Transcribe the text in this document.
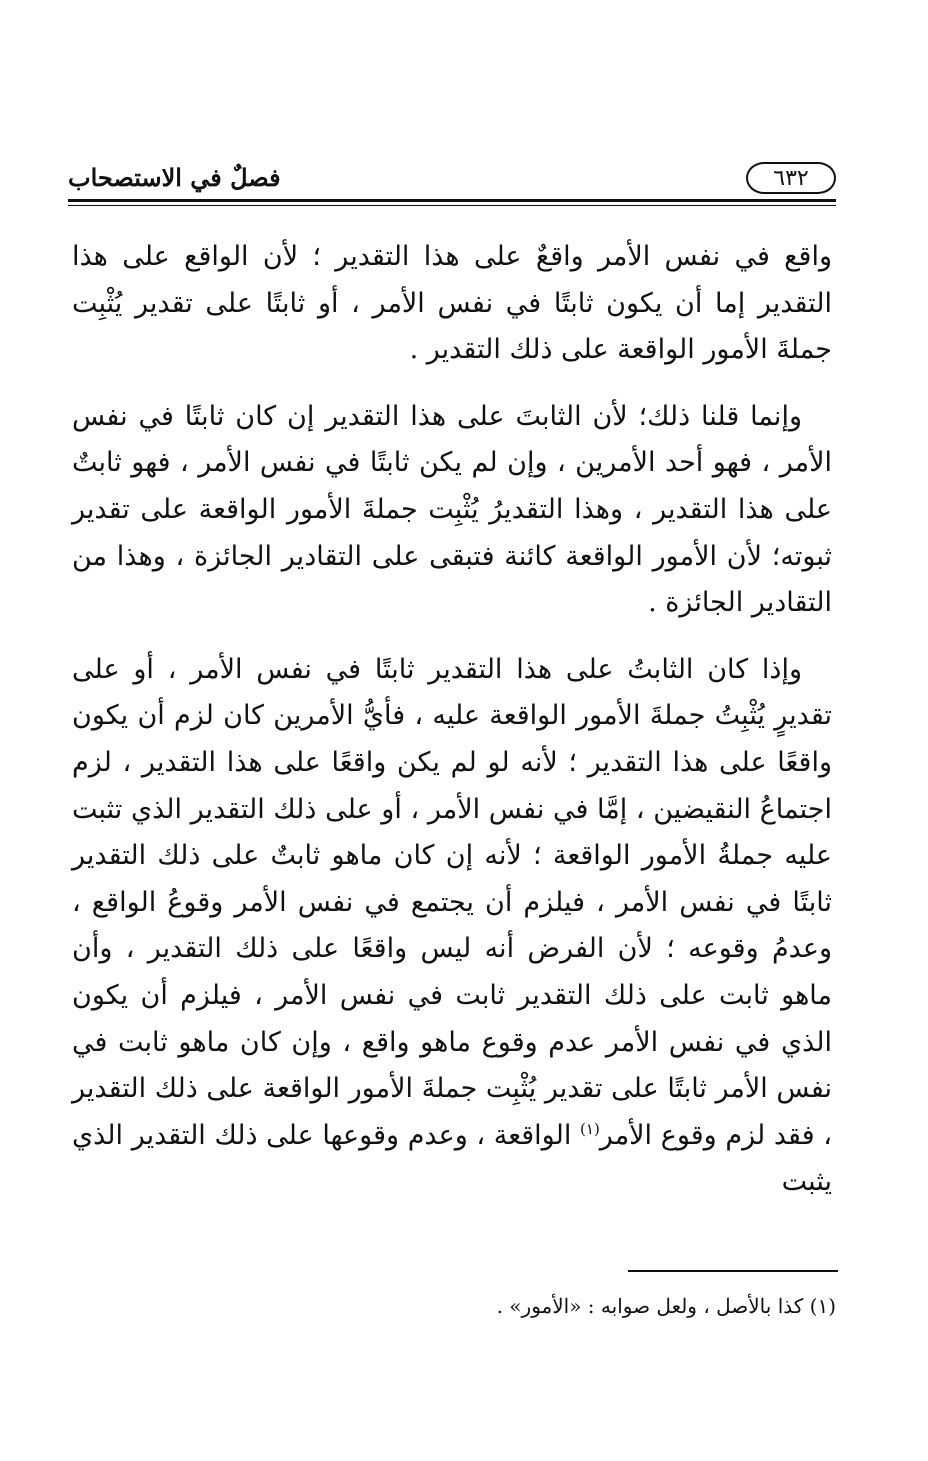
٦٣٢
فصلٌ في الاستصحاب

واقع في نفس الأمر واقعٌ على هذا التقدير ؛ لأن الواقع على هذا التقدير إما أن يكون ثابتًا في نفس الأمر ، أو ثابتًا على تقدير يُثْبِت جملةَ الأمور الواقعة على ذلك التقدير .

وإنما قلنا ذلك؛ لأن الثابتَ على هذا التقدير إن كان ثابتًا في نفس الأمر ، فهو أحد الأمرين ، وإن لم يكن ثابتًا في نفس الأمر ، فهو ثابتٌ على هذا التقدير ، وهذا التقديرُ يُثْبِت جملةَ الأمور الواقعة على تقدير ثبوته؛ لأن الأمور الواقعة كائنة فتبقى على التقادير الجائزة ، وهذا من التقادير الجائزة .

وإذا كان الثابتُ على هذا التقدير ثابتًا في نفس الأمر ، أو على تقديرٍ يُثْبِتُ جملةَ الأمور الواقعة عليه ، فأيُّ الأمرين كان لزم أن يكون واقعًا على هذا التقدير ؛ لأنه لو لم يكن واقعًا على هذا التقدير ، لزم اجتماعُ النقيضين ، إمَّا في نفس الأمر ، أو على ذلك التقدير الذي تثبت عليه جملةُ الأمور الواقعة ؛ لأنه إن كان ماهو ثابتٌ على ذلك التقدير ثابتًا في نفس الأمر ، فيلزم أن يجتمع في نفس الأمر وقوعُ الواقع ، وعدمُ وقوعه ؛ لأن الفرض أنه ليس واقعًا على ذلك التقدير ، وأن ماهو ثابت على ذلك التقدير ثابت في نفس الأمر ، فيلزم أن يكون الذي في نفس الأمر عدم وقوع ماهو واقع ، وإن كان ماهو ثابت في نفس الأمر ثابتًا على تقدير يُثْبِت جملةَ الأمور الواقعة على ذلك التقدير ، فقد لزم وقوع الأمر$^{(١)}$ الواقعة ، وعدم وقوعها على ذلك التقدير الذي يثبت

(١) كذا بالأصل ، ولعل صوابه : «الأمور» .
